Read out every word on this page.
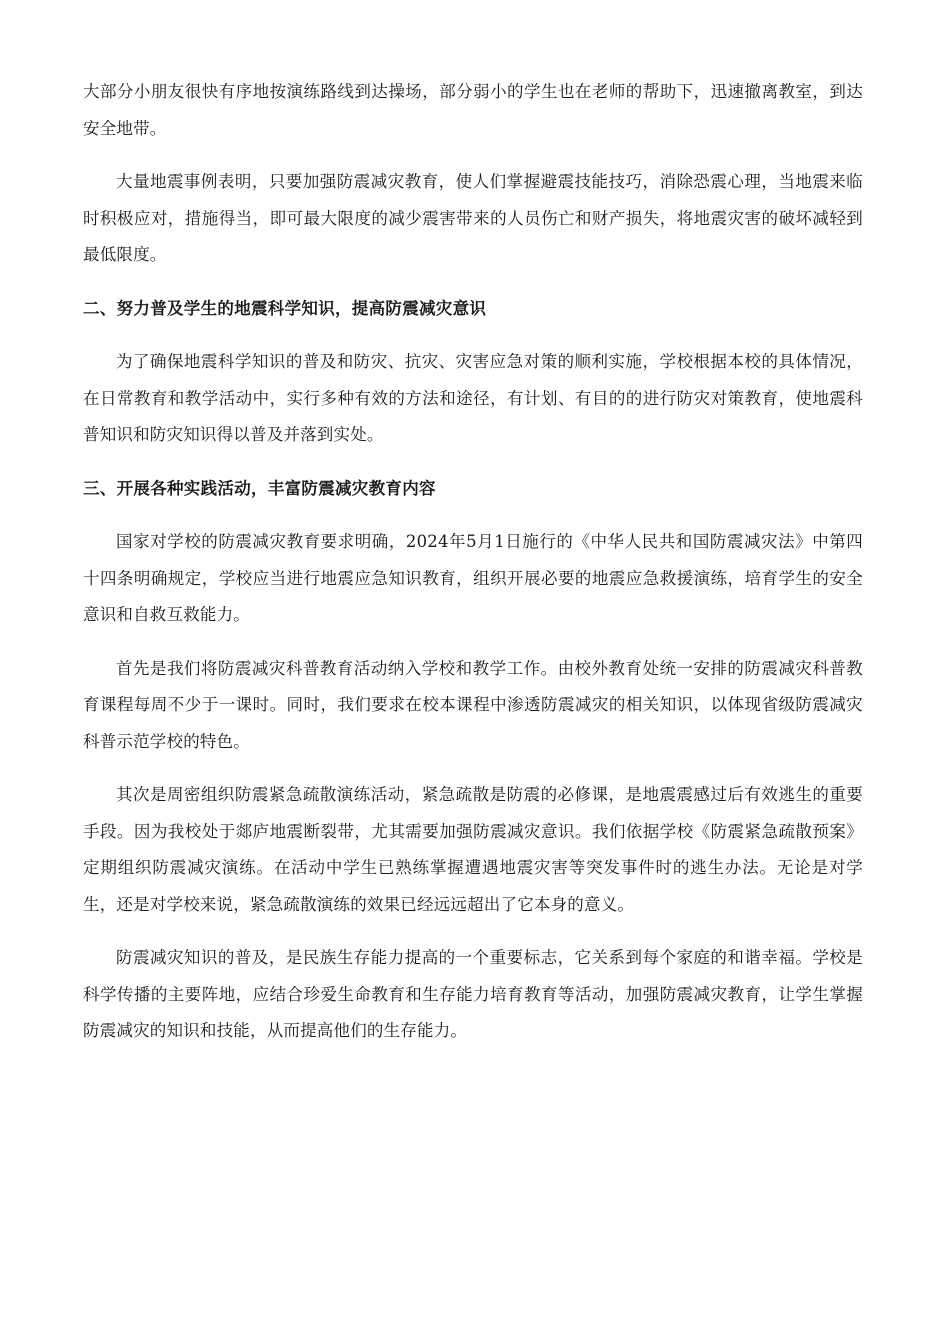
大部分小朋友很快有序地按演练路线到达操场，部分弱小的学生也在老师的帮助下，迅速撤离教室，到达安全地带。

大量地震事例表明，只要加强防震减灾教育，使人们掌握避震技能技巧，消除恐震心理，当地震来临时积极应对，措施得当，即可最大限度的减少震害带来的人员伤亡和财产损失，将地震灾害的破坏减轻到最低限度。

二、努力普及学生的地震科学知识，提高防震减灾意识

为了确保地震科学知识的普及和防灾、抗灾、灾害应急对策的顺利实施，学校根据本校的具体情况，在日常教育和教学活动中，实行多种有效的方法和途径，有计划、有目的的进行防灾对策教育，使地震科普知识和防灾知识得以普及并落到实处。

三、开展各种实践活动，丰富防震减灾教育内容

国家对学校的防震减灾教育要求明确，2024年5月1日施行的《中华人民共和国防震减灾法》中第四十四条明确规定，学校应当进行地震应急知识教育，组织开展必要的地震应急救援演练，培育学生的安全意识和自救互救能力。

首先是我们将防震减灾科普教育活动纳入学校和教学工作。由校外教育处统一安排的防震减灾科普教育课程每周不少于一课时。同时，我们要求在校本课程中渗透防震减灾的相关知识，以体现省级防震减灾科普示范学校的特色。

其次是周密组织防震紧急疏散演练活动，紧急疏散是防震的必修课，是地震震感过后有效逃生的重要手段。因为我校处于郯庐地震断裂带，尤其需要加强防震减灾意识。我们依据学校《防震紧急疏散预案》定期组织防震减灾演练。在活动中学生已熟练掌握遭遇地震灾害等突发事件时的逃生办法。无论是对学生，还是对学校来说，紧急疏散演练的效果已经远远超出了它本身的意义。

防震减灾知识的普及，是民族生存能力提高的一个重要标志，它关系到每个家庭的和谐幸福。学校是科学传播的主要阵地，应结合珍爱生命教育和生存能力培育教育等活动，加强防震减灾教育，让学生掌握防震减灾的知识和技能，从而提高他们的生存能力。
